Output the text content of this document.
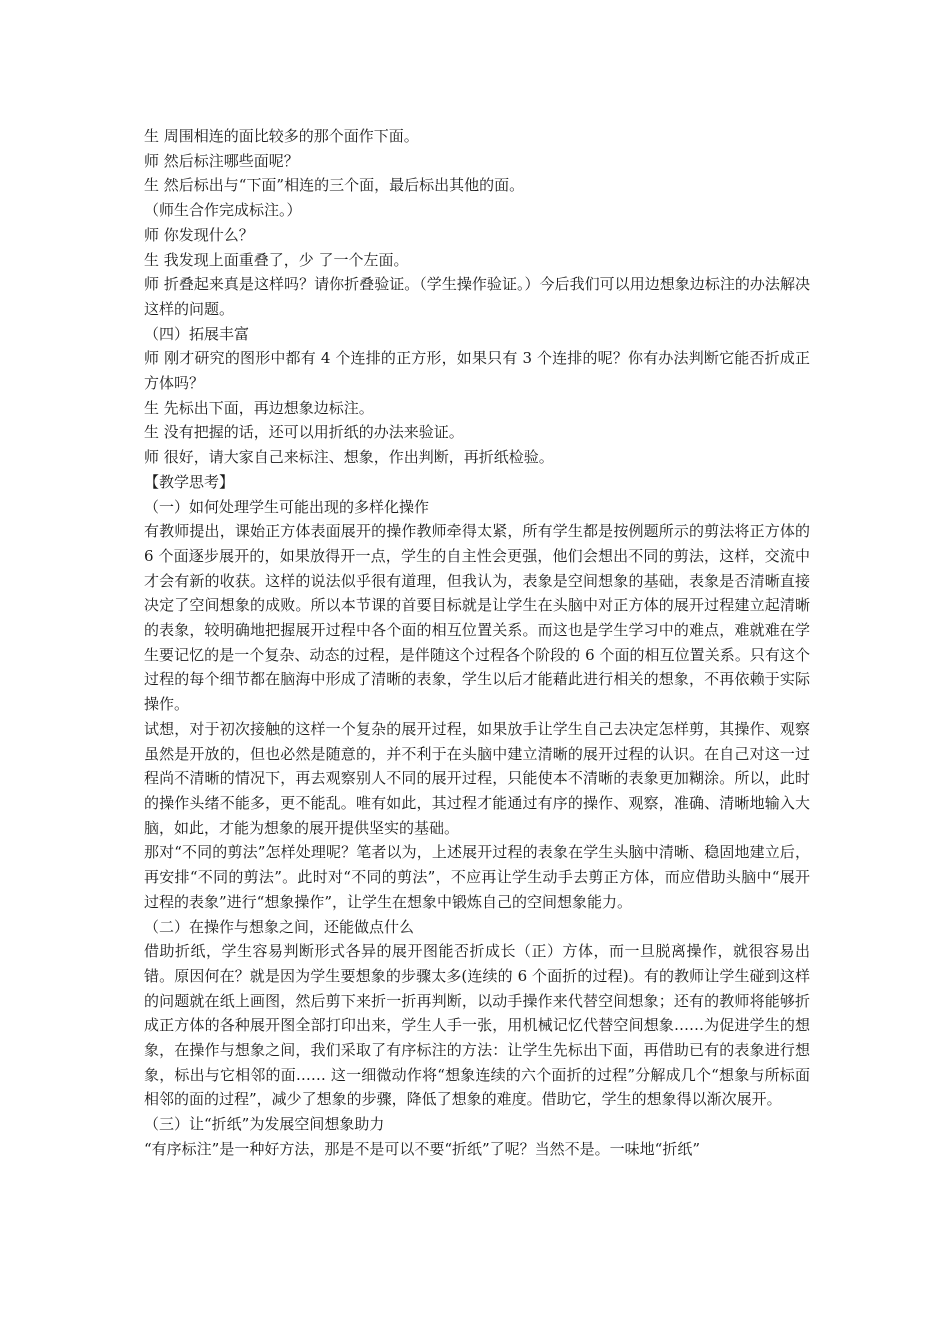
生 周围相连的面比较多的那个面作下面。

师 然后标注哪些面呢？

生 然后标出与“下面”相连的三个面，最后标出其他的面。

（师生合作完成标注。）

师 你发现什么？

生 我发现上面重叠了，少 了一个左面。

师 折叠起来真是这样吗？请你折叠验证。（学生操作验证。）今后我们可以用边想象边标注的办法解决这样的问题。

（四）拓展丰富

师 刚才研究的图形中都有 4 个连排的正方形，如果只有 3 个连排的呢？你有办法判断它能否折成正方体吗？

生 先标出下面，再边想象边标注。

生 没有把握的话，还可以用折纸的办法来验证。

师 很好，请大家自己来标注、想象，作出判断，再折纸检验。

【教学思考】

（一）如何处理学生可能出现的多样化操作

有教师提出，课始正方体表面展开的操作教师牵得太紧，所有学生都是按例题所示的剪法将正方体的 6 个面逐步展开的，如果放得开一点，学生的自主性会更强，他们会想出不同的剪法，这样，交流中才会有新的收获。这样的说法似乎很有道理，但我认为，表象是空间想象的基础，表象是否清晰直接决定了空间想象的成败。所以本节课的首要目标就是让学生在头脑中对正方体的展开过程建立起清晰的表象，较明确地把握展开过程中各个面的相互位置关系。而这也是学生学习中的难点，难就难在学生要记忆的是一个复杂、动态的过程，是伴随这个过程各个阶段的 6 个面的相互位置关系。只有这个过程的每个细节都在脑海中形成了清晰的表象，学生以后才能藉此进行相关的想象，不再依赖于实际操作。

试想，对于初次接触的这样一个复杂的展开过程，如果放手让学生自己去决定怎样剪，其操作、观察虽然是开放的，但也必然是随意的，并不利于在头脑中建立清晰的展开过程的认识。在自己对这一过程尚不清晰的情况下，再去观察别人不同的展开过程，只能使本不清晰的表象更加糊涂。所以，此时的操作头绪不能多，更不能乱。唯有如此，其过程才能通过有序的操作、观察，准确、清晰地输入大脑，如此，才能为想象的展开提供坚实的基础。

那对“不同的剪法”怎样处理呢？笔者以为，上述展开过程的表象在学生头脑中清晰、稳固地建立后，再安排“不同的剪法”。此时对“不同的剪法”，不应再让学生动手去剪正方体，而应借助头脑中“展开过程的表象”进行“想象操作”，让学生在想象中锻炼自己的空间想象能力。

（二）在操作与想象之间，还能做点什么

借助折纸，学生容易判断形式各异的展开图能否折成长（正）方体，而一旦脱离操作，就很容易出错。原因何在？就是因为学生要想象的步骤太多(连续的 6 个面折的过程)。有的教师让学生碰到这样的问题就在纸上画图，然后剪下来折一折再判断，以动手操作来代替空间想象；还有的教师将能够折成正方体的各种展开图全部打印出来，学生人手一张，用机械记忆代替空间想象……为促进学生的想象，在操作与想象之间，我们采取了有序标注的方法：让学生先标出下面，再借助已有的表象进行想象，标出与它相邻的面…… 这一细微动作将“想象连续的六个面折的过程”分解成几个“想象与所标面相邻的面的过程”，减少了想象的步骤，降低了想象的难度。借助它，学生的想象得以渐次展开。

（三）让“折纸”为发展空间想象助力

“有序标注”是一种好方法，那是不是可以不要“折纸”了呢？当然不是。一味地“折纸”
